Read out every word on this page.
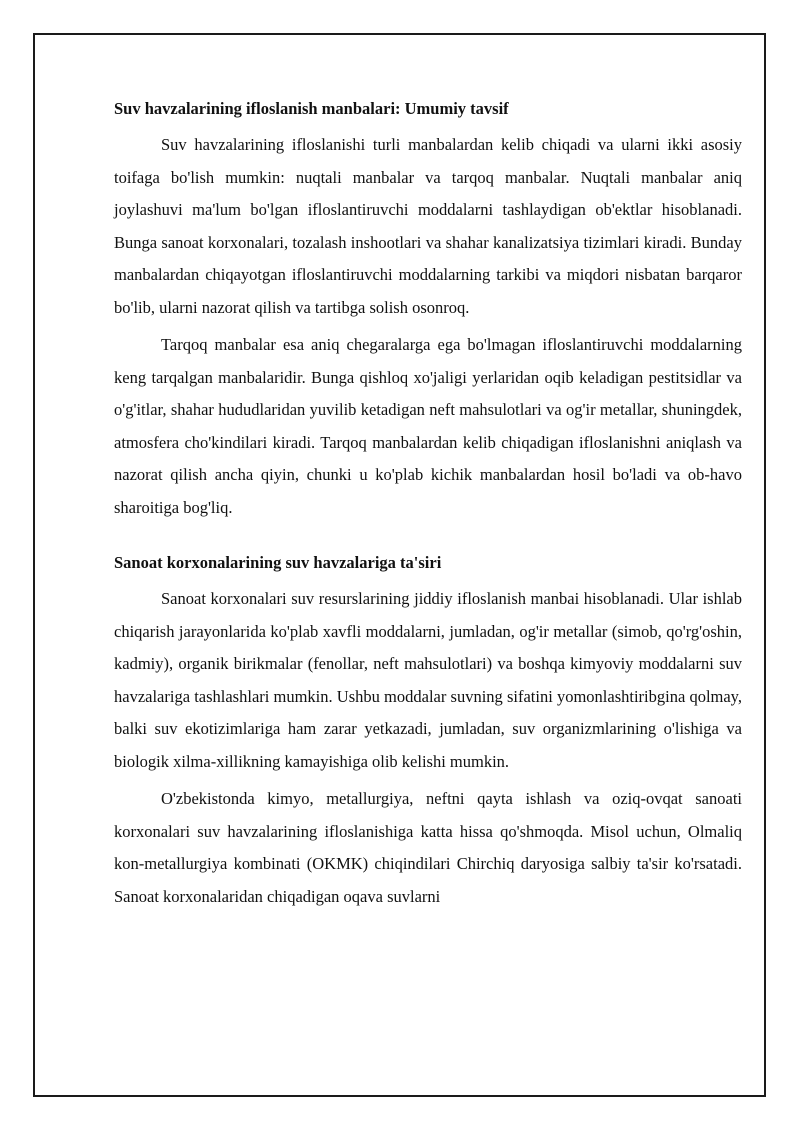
Suv havzalarining ifloslanish manbalari: Umumiy tavsif

Suv havzalarining ifloslanishi turli manbalardan kelib chiqadi va ularni ikki asosiy toifaga bo'lish mumkin: nuqtali manbalar va tarqoq manbalar. Nuqtali manbalar aniq joylashuvi ma'lum bo'lgan ifloslantiruvchi moddalarni tashlaydigan ob'ektlar hisoblanadi. Bunga sanoat korxonalari, tozalash inshootlari va shahar kanalizatsiya tizimlari kiradi. Bunday manbalardan chiqayotgan ifloslantiruvchi moddalarning tarkibi va miqdori nisbatan barqaror bo'lib, ularni nazorat qilish va tartibga solish osonroq.

Tarqoq manbalar esa aniq chegaralarga ega bo'lmagan ifloslantiruvchi moddalarning keng tarqalgan manbalaridir. Bunga qishloq xo'jaligi yerlaridan oqib keladigan pestitsidlar va o'g'itlar, shahar hududlaridan yuvilib ketadigan neft mahsulotlari va og'ir metallar, shuningdek, atmosfera cho'kindilari kiradi. Tarqoq manbalardan kelib chiqadigan ifloslanishni aniqlash va nazorat qilish ancha qiyin, chunki u ko'plab kichik manbalardan hosil bo'ladi va ob-havo sharoitiga bog'liq.

Sanoat korxonalarining suv havzalariga ta'siri

Sanoat korxonalari suv resurslarining jiddiy ifloslanish manbai hisoblanadi. Ular ishlab chiqarish jarayonlarida ko'plab xavfli moddalarni, jumladan, og'ir metallar (simob, qo'rg'oshin, kadmiy), organik birikmalar (fenollar, neft mahsulotlari) va boshqa kimyoviy moddalarni suv havzalariga tashlashlari mumkin. Ushbu moddalar suvning sifatini yomonlashtiribgina qolmay, balki suv ekotizimlariga ham zarar yetkazadi, jumladan, suv organizmlarining o'lishiga va biologik xilma-xillikning kamayishiga olib kelishi mumkin.

O'zbekistonda kimyo, metallurgiya, neftni qayta ishlash va oziq-ovqat sanoati korxonalari suv havzalarining ifloslanishiga katta hissa qo'shmoqda. Misol uchun, Olmaliq kon-metallurgiya kombinati (OKMK) chiqindilari Chirchiq daryosiga salbiy ta'sir ko'rsatadi. Sanoat korxonalaridan chiqadigan oqava suvlarni
